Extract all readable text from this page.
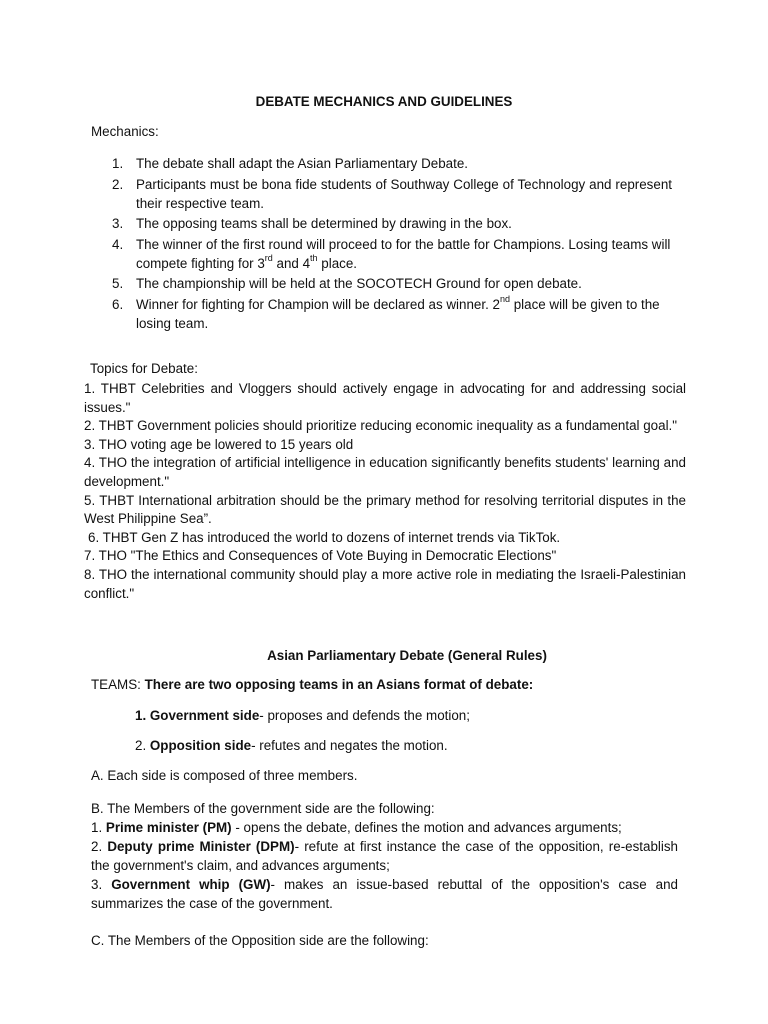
DEBATE MECHANICS AND GUIDELINES
Mechanics:
1. The debate shall adapt the Asian Parliamentary Debate.
2. Participants must be bona fide students of Southway College of Technology and represent their respective team.
3. The opposing teams shall be determined by drawing in the box.
4. The winner of the first round will proceed to for the battle for Champions. Losing teams will compete fighting for 3rd and 4th place.
5. The championship will be held at the SOCOTECH Ground for open debate.
6. Winner for fighting for Champion will be declared as winner. 2nd place will be given to the losing team.
Topics for Debate:
1. THBT Celebrities and Vloggers should actively engage in advocating for and addressing social issues."
2. THBT Government policies should prioritize reducing economic inequality as a fundamental goal."
3. THO voting age be lowered to 15 years old
4. THO the integration of artificial intelligence in education significantly benefits students' learning and development."
5. THBT International arbitration should be the primary method for resolving territorial disputes in the West Philippine Sea”.
6. THBT Gen Z has introduced the world to dozens of internet trends via TikTok.
7. THO "The Ethics and Consequences of Vote Buying in Democratic Elections"
8. THO the international community should play a more active role in mediating the Israeli-Palestinian conflict."
Asian Parliamentary Debate (General Rules)
TEAMS: There are two opposing teams in an Asians format of debate:
1. Government side- proposes and defends the motion;
2. Opposition side- refutes and negates the motion.
A. Each side is composed of three members.
B. The Members of the government side are the following:
1. Prime minister (PM) - opens the debate, defines the motion and advances arguments;
2. Deputy prime Minister (DPM)- refute at first instance the case of the opposition, re-establish the government's claim, and advances arguments;
3. Government whip (GW)- makes an issue-based rebuttal of the opposition's case and summarizes the case of the government.
C. The Members of the Opposition side are the following:
